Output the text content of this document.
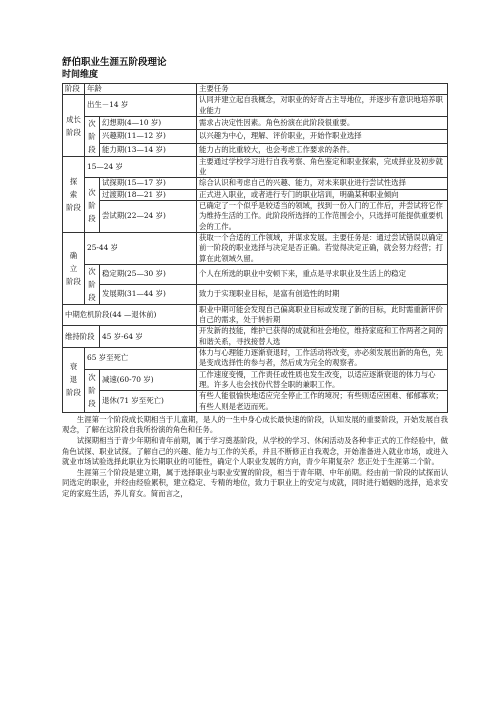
舒伯职业生涯五阶段理论

时间维度

阶段	年龄		主要任务

成长
阶段	出生－14 岁		认同并建立起自我概念，对职业的好奇占主导地位，并逐步有意识地培养职业能力

	次
阶
段	幻想期(4—10 岁)	需求占决定性因素。角色扮演在此阶段很重要。
		兴趣期(11—12 岁)	以兴趣为中心，理解、评价职业，开始作职业选择
		能力期(13—14 岁)	能力占的比重较大，也会考虑工作要求的条件。

探
索
阶段	15—24 岁		主要通过学校学习进行自我考察、角色鉴定和职业探索，完成择业及初步就业

	次
阶
段	试探期(15—17 岁)	综合认识和考虑自己的兴趣、能力，对未来职业进行尝试性选择
		过渡期(18—21 岁)	正式进入职业，或者进行专门的职业培训，明确某种职业倾向
		尝试期(22—24 岁)	已确定了一个似乎是较适当的领域，找到一份入门的工作后，并尝试将它作为维持生活的工作。此阶段所选择的工作范围会小，只选择可能提供重要机会的工作。

确
立
阶段	25-44 岁		获取一个合适的工作领域，并谋求发展。主要任务是：通过尝试错误以确定前一阶段的职业选择与决定是否正确。若觉得决定正确，就会努力经营；打算在此领域久留。

	次
阶
段	稳定期(25—30 岁)	个人在所选的职业中安顿下来，重点是寻求职业及生活上的稳定
		发展期(31—44 岁)	致力于实现职业目标，是富有创造性的时期
中期危机阶段(44 —退休前)			职业中期可能会发现自己偏离职业目标或发现了新的目标，此时需重新评价自己的需求，处于转折期
维持阶段		45 岁-64 岁	开发新的技能，维护已获得的成就和社会地位，维持家庭和工作两者之间的和谐关系，寻找接替人选

衰
退
阶段	65 岁至死亡		体力与心理能力逐渐衰退时，工作活动将改变，亦必须发展出新的角色，先是变成选择性的参与者，然后成为完全的观察者。

	次
阶
段	减速(60-70 岁)	工作速度变慢，工作责任或性质也发生改变，以适应逐渐衰退的体力与心理。许多人也会找份代替全职的兼职工作。
		退休(71 岁至死亡)	有些人能很愉快地适应完全停止工作的境况；有些则适应困难、郁郁寡欢；有些人则是老迈而死。

生涯第一个阶段成长期相当于儿童期，是人的一生中身心成长最快速的阶段，认知发展的重要阶段，开始发展自我观念，了解在这阶段自我所扮演的角色和任务。

试探期相当于青少年期和青年前期，属于学习奠基阶段，从学校的学习、休闲活动及各种非正式的工作经验中，做角色试探、职业试探。了解自己的兴趣、能力与工作的关系，并且不断修正自我观念，开始准备进入就业市场，或进入就业市场试验选择此职业为长期职业的可能性，确定个人职业发展的方向，青少年期复杂？您正处于生涯第二个阶。

生涯第三个阶段是建立期，属于选择职业与职业安置的阶段，相当于青年期、中年前期。经由前一阶段的试探而认同选定的职业，并经由经验累积，建立稳定、专精的地位，致力于职业上的安定与成就，同时进行婚姻的选择，追求安定的家庭生活，养儿育女。简而言之，
